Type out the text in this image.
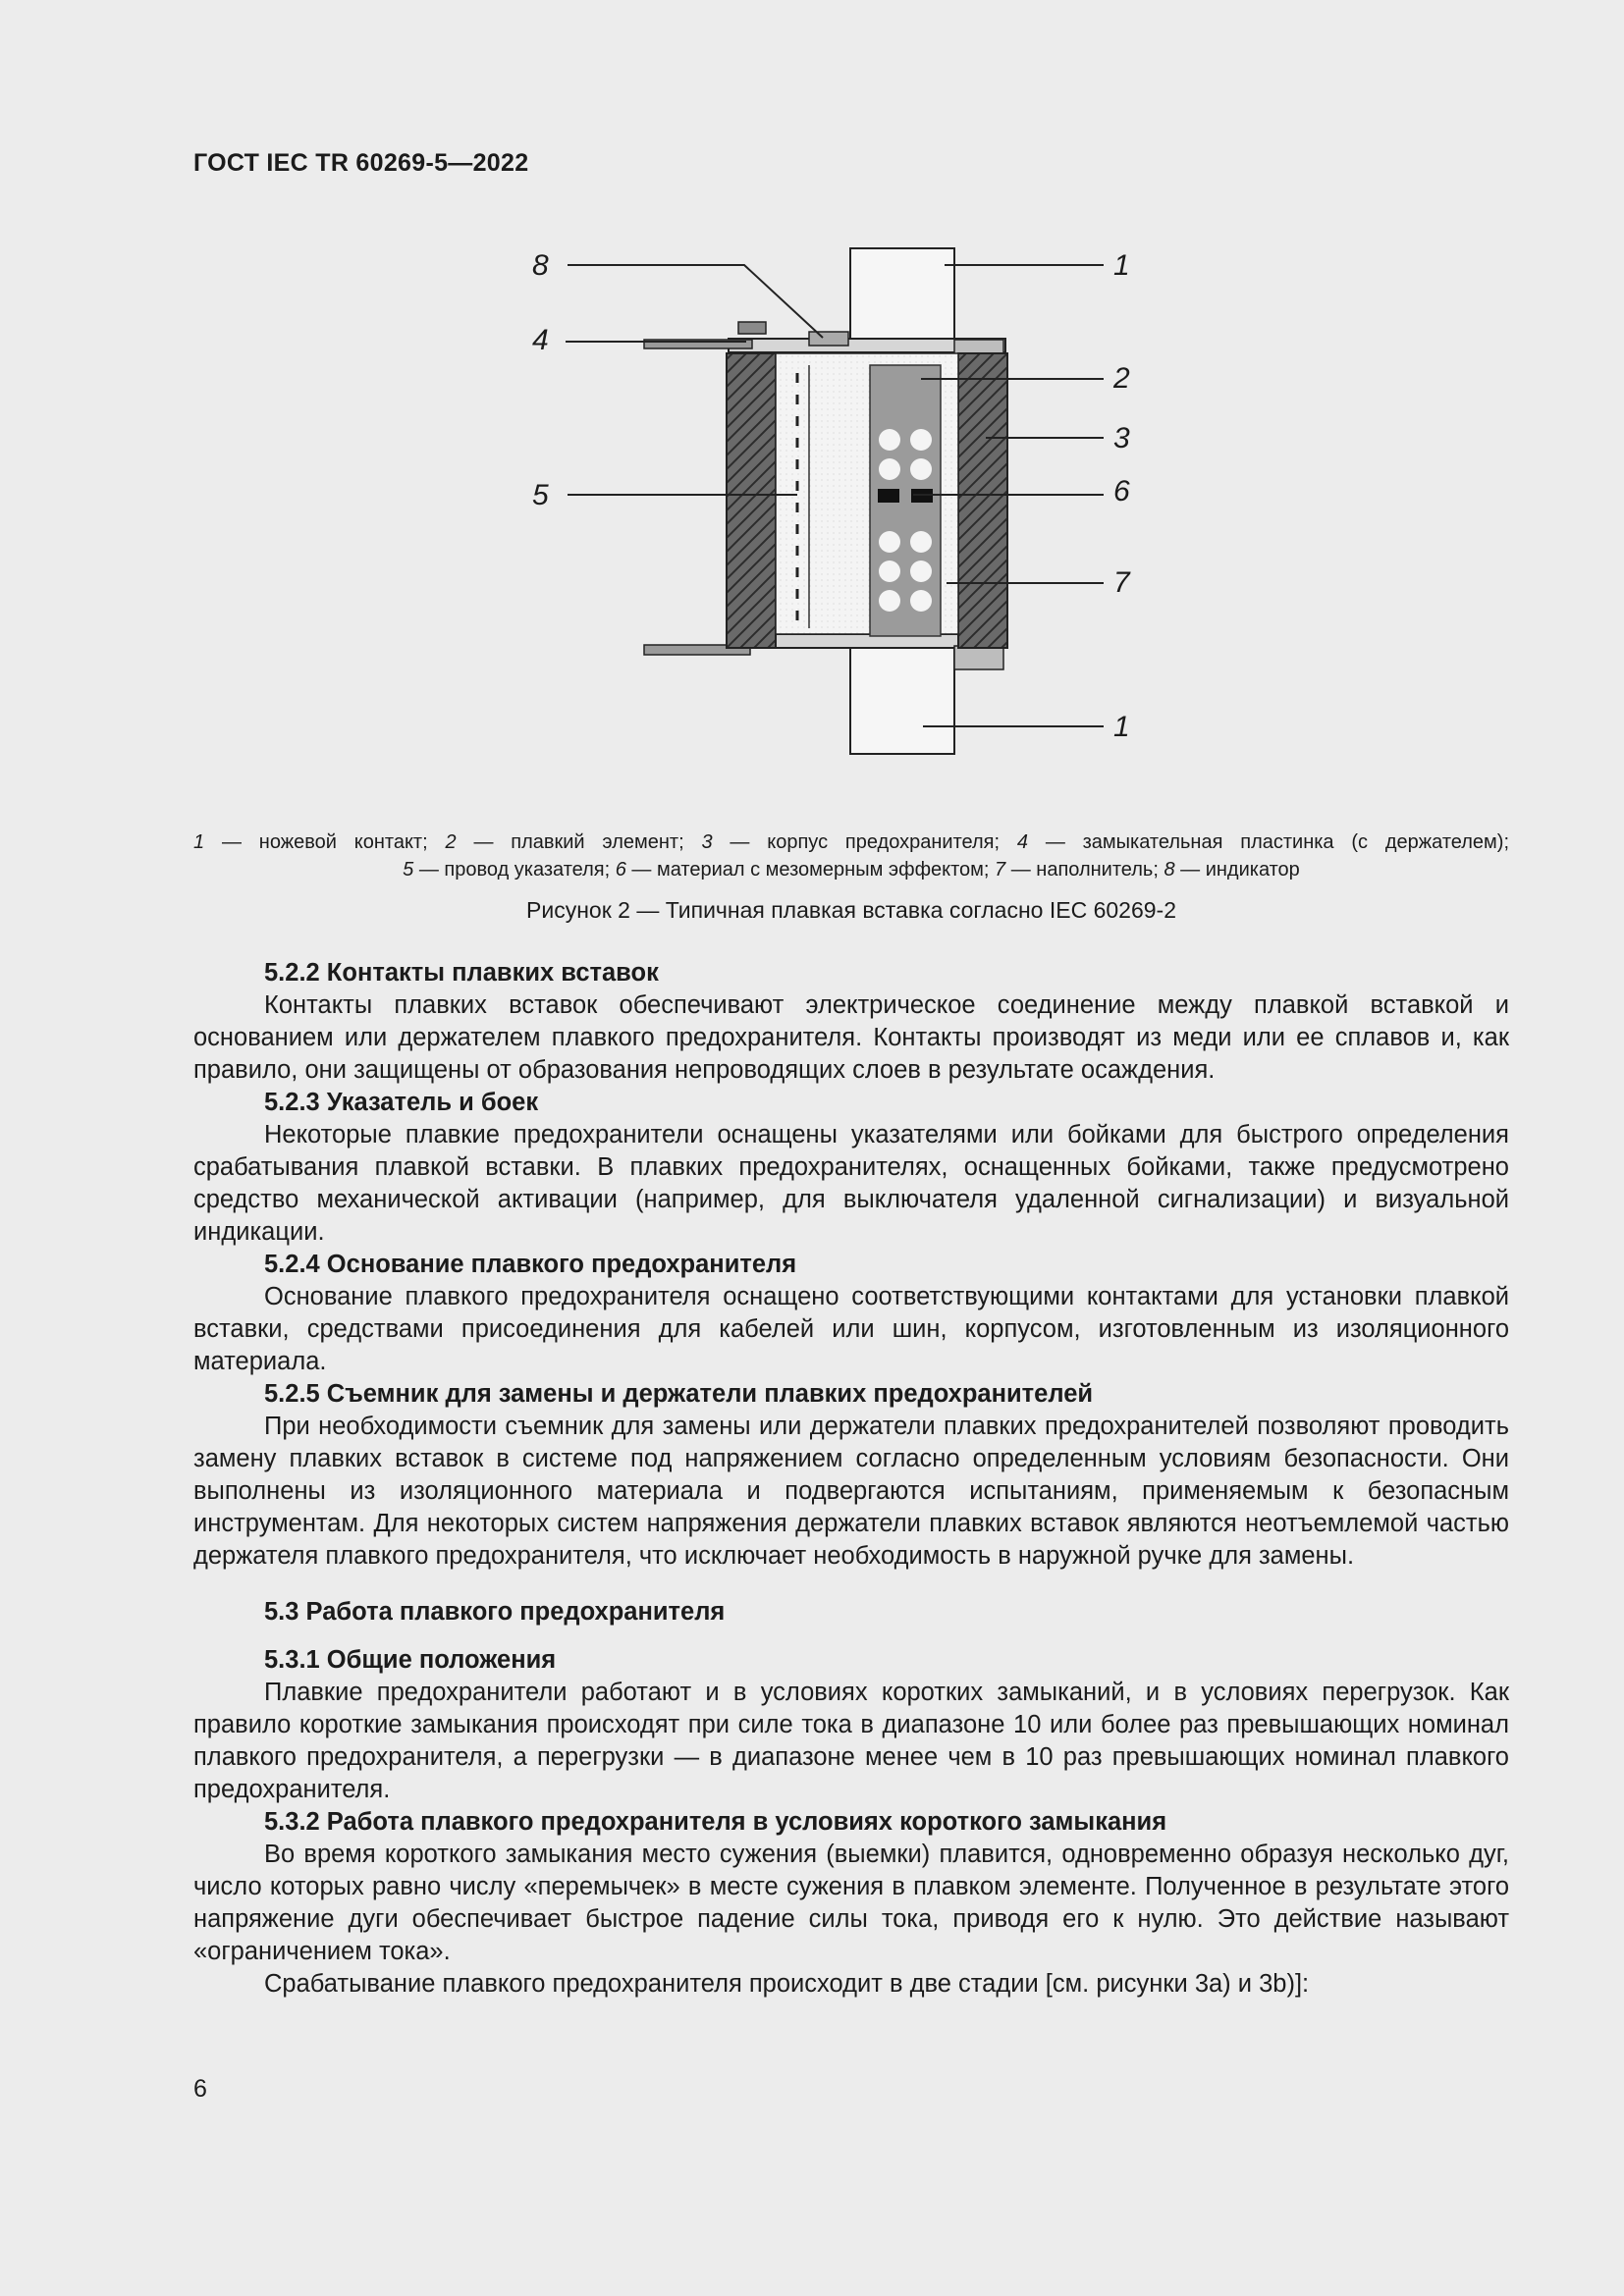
ГОСТ IEC TR 60269-5—2022
8
4
5
1
2
3
6
7
1
1 — ножевой контакт; 2 — плавкий элемент; 3 — корпус предохранителя; 4 — замыкательная пластинка (с держателем);
5 — провод указателя; 6 — материал с мезомерным эффектом; 7 — наполнитель; 8 — индикатор
Рисунок 2 — Типичная плавкая вставка согласно IEC 60269-2
5.2.2 Контакты плавких вставок

Контакты плавких вставок обеспечивают электрическое соединение между плавкой вставкой и основанием или держателем плавкого предохранителя. Контакты производят из меди или ее сплавов и, как правило, они защищены от образования непроводящих слоев в результате осаждения.

5.2.3 Указатель и боек

Некоторые плавкие предохранители оснащены указателями или бойками для быстрого определения срабатывания плавкой вставки. В плавких предохранителях, оснащенных бойками, также предусмотрено средство механической активации (например, для выключателя удаленной сигнализации) и визуальной индикации.

5.2.4 Основание плавкого предохранителя

Основание плавкого предохранителя оснащено соответствующими контактами для установки плавкой вставки, средствами присоединения для кабелей или шин, корпусом, изготовленным из изоляционного материала.

5.2.5 Съемник для замены и держатели плавких предохранителей

При необходимости съемник для замены или держатели плавких предохранителей позволяют проводить замену плавких вставок в системе под напряжением согласно определенным условиям безопасности. Они выполнены из изоляционного материала и подвергаются испытаниям, применяемым к безопасным инструментам. Для некоторых систем напряжения держатели плавких вставок являются неотъемлемой частью держателя плавкого предохранителя, что исключает необходимость в наружной ручке для замены.

5.3 Работа плавкого предохранителя
5.3.1 Общие положения

Плавкие предохранители работают и в условиях коротких замыканий, и в условиях перегрузок. Как правило короткие замыкания происходят при силе тока в диапазоне 10 или более раз превышающих номинал плавкого предохранителя, а перегрузки — в диапазоне менее чем в 10 раз превышающих номинал плавкого предохранителя.

5.3.2 Работа плавкого предохранителя в условиях короткого замыкания

Во время короткого замыкания место сужения (выемки) плавится, одновременно образуя несколько дуг, число которых равно числу «перемычек» в месте сужения в плавком элементе. Полученное в результате этого напряжение дуги обеспечивает быстрое падение силы тока, приводя его к нулю. Это действие называют «ограничением тока».

Срабатывание плавкого предохранителя происходит в две стадии [см. рисунки 3a) и 3b)]:

6
